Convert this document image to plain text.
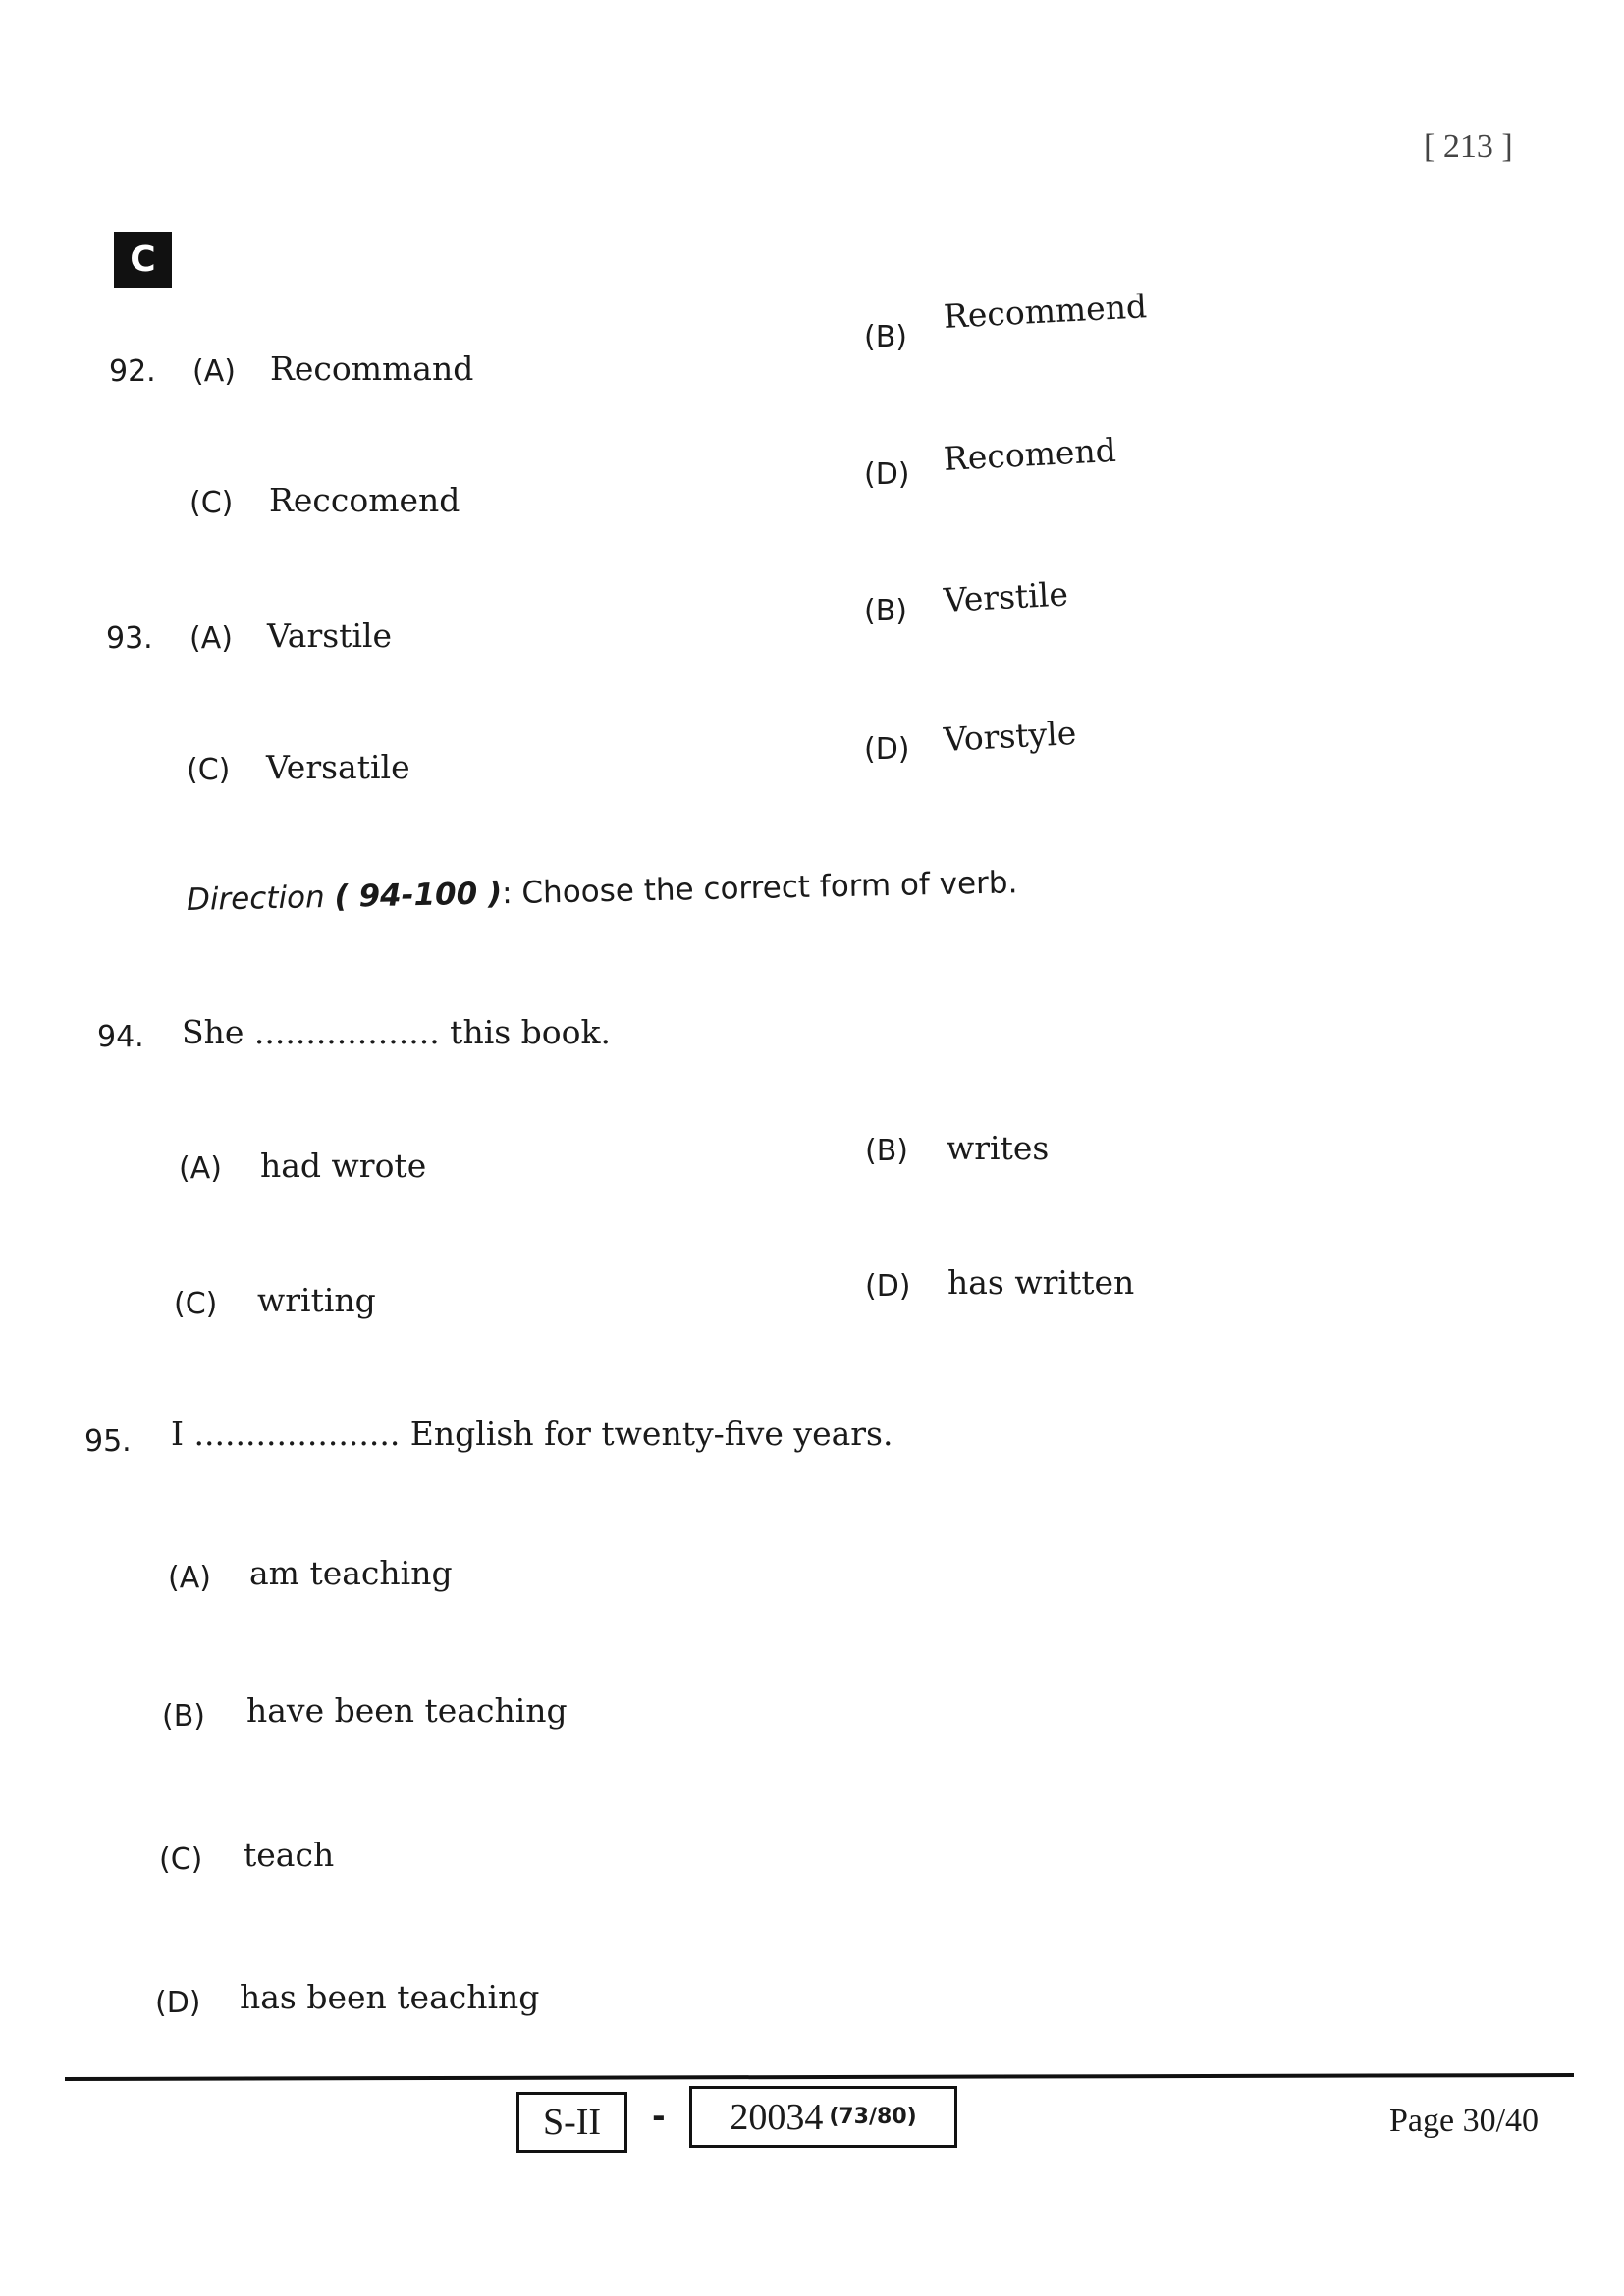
[ 213 ]
C
92. (A) Recommand
(B)
Recommend
(C) Reccomend
(D) Recomend
93. (A) Varstile
(B) Verstile
(C) Versatile	(D) Vorstyle
Direction ( 94-100 ): Choose the correct form of verb.
94. She .................. this book.
(A) had wrote	(B) writes
(C) writing	(D) has written
95. I .................... English for twenty-five years.
(A) am teaching
(B) have been teaching
(C) teach
(D) has been teaching
S-II - 20034 (73/80)	Page 30/40
